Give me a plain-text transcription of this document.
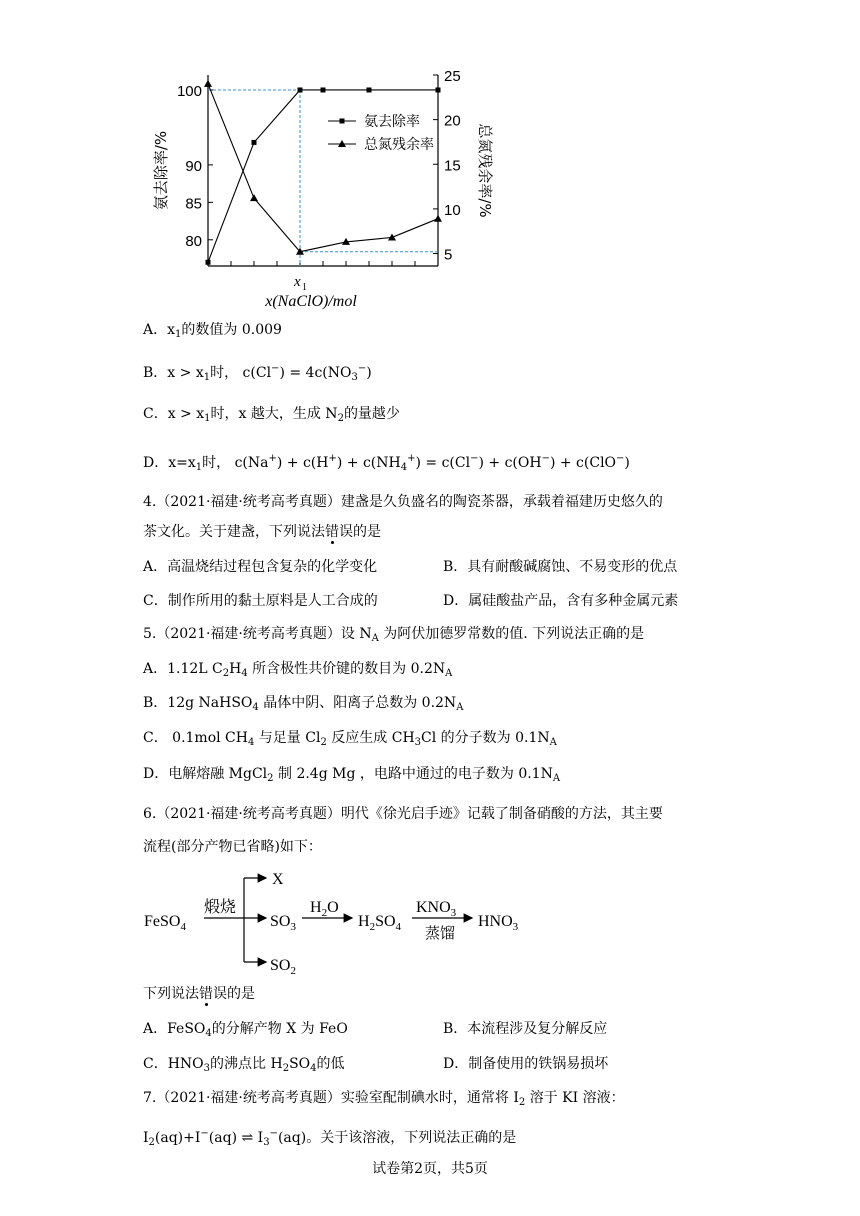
100
90
85
80
25
20
15
10
5
氨去除率
总氮残余率
氨去除率/%	总氮残余率/%
x 1
x(NaClO)/mol
A．$x_1$的数值为 0.009
B．$x > x_1$时， $c(Cl^-) = 4c(NO_3^-)$
C．$x > x_1$时，x 越大，生成 $N_2$的量越少
D．$x=x_1$时， $c(Na^+) + c(H^+) + c(NH_4^+) = c(Cl^-) + c(OH^-) + c(ClO^-)$
4.（2021·福建·统考高考真题）建盏是久负盛名的陶瓷茶器，承载着福建历史悠久的
茶文化。关于建盏，下列说法错
误的是
A．高温烧结过程包含复杂的化学变化	B．具有耐酸碱腐蚀、不易变形的优点
C．制作所用的黏土原料是人工合成的	D．属硅酸盐产品，含有多种金属元素
5.（2021·福建·统考高考真题）设 $N_A$ 为阿伏加德罗常数的值. 下列说法正确的是
A．1.12L $C_2H_4$ 所含极性共价键的数目为 $0.2N_A$
B．12g NaHSO$_4$ 晶体中阴、阳离子总数为 $0.2N_A$
C． 0.1mol $CH_4$ 与足量 $Cl_2$ 反应生成 $CH_3Cl$ 的分子数为 $0.1N_A$
D．电解熔融 MgCl$_2$ 制 2.4g Mg ，电路中通过的电子数为 $0.1N_A$
6.（2021·福建·统考高考真题）明代《徐光启手迹》记载了制备硝酸的方法，其主要
流程(部分产物已省略)如下：
FeSO$_4$
煅烧
X
$SO_3$
$SO_2$
$H_2O$
$H_2SO_4$
$KNO_3$
蒸馏
$HNO_3$
下列说法错
误的是
A．FeSO$_4$的分解产物 X 为 FeO	B．本流程涉及复分解反应
C．$HNO_3$的沸点比 $H_2SO_4$的低	D．制备使用的铁锅易损坏
7.（2021·福建·统考高考真题）实验室配制碘水时，通常将 $I_2$ 溶于 KI 溶液：
$I_2(aq)+I^-(aq)$ ⇌ $I_3^-(aq)$。关于该溶液，下列说法正确的是
试卷第2页，共5页
